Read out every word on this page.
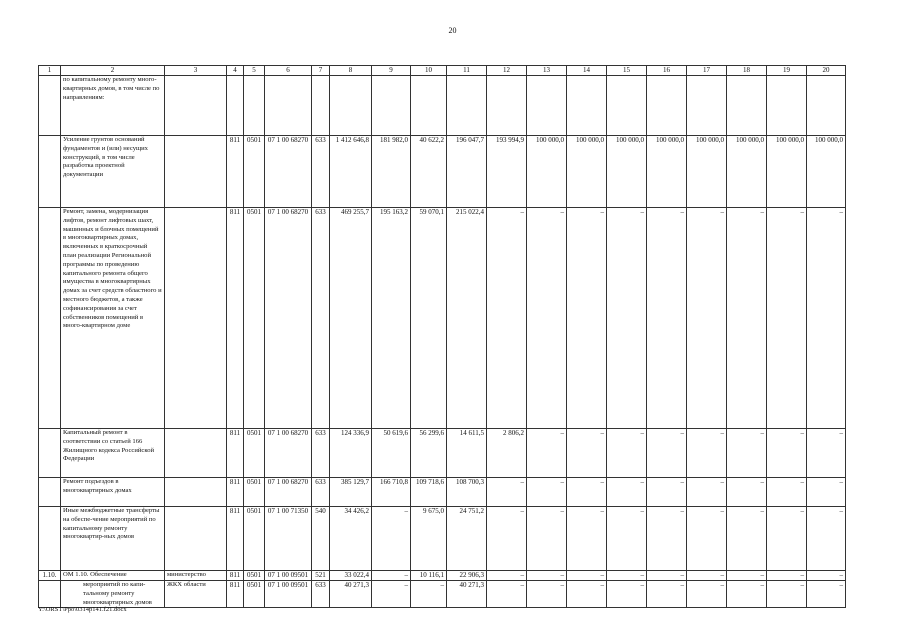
20
1	2	3	4	5	6	7	8	9	10	11	12	13	14	15	16	17	18	19	20
	по капитальному ремонту много-квартирных домов, в том числе по направлениям:																		
	Усиление грунтов оснований фундаментов и (или) несущих конструкций, в том числе разработка проектной документации		811	0501	07 1 00 68270	633	1 412 646,8	181 982,0	40 622,2	196 047,7	193 994,9	100 000,0	100 000,0	100 000,0	100 000,0	100 000,0	100 000,0	100 000,0	100 000,0
	Ремонт, замена, модернизация лифтов, ремонт лифтовых шахт, машинных и блочных помещений в многоквартирных домах, включенных в краткосрочный план реализации Региональной программы по проведению капитального ремонта общего имущества в многоквартирных домах за счет средств областного и местного бюджетов, а также софинансирования за счет собственников помещений в много-квартирном доме		811	0501	07 1 00 68270	633	469 255,7	195 163,2	59 070,1	215 022,4	–	–	–	–	–	–	–	–	–
	Капитальный ремонт в соответствии со статьей 166 Жилищного кодекса Российской Федерации		811	0501	07 1 00 68270	633	124 336,9	50 619,6	56 299,6	14 611,5	2 806,2	–	–	–	–	–	–	–	–
	Ремонт подъездов в многоквартирных домах		811	0501	07 1 00 68270	633	385 129,7	166 710,8	109 718,6	108 700,3	–	–	–	–	–	–	–	–	–
	Иные межбюджетные трансферты на обеспе-чение мероприятий по капитальному ремонту многоквартир-ных домов		811	0501	07 1 00 71350	540	34 426,2	–	9 675,0	24 751,2	–	–	–	–	–	–	–	–	–
1.10.	ОМ 1.10. Обеспечение	министерство	811	0501	07 1 00 09501	521	33 022,4	–	10 116,1	22 906,3	–	–	–	–	–	–	–	–	–
	мероприятий по капи-тальному ремонту многоквартирных домов	ЖКХ области	811	0501	07 1 00 09501	633	40 271,3	–	–	40 271,3	–	–	–	–	–	–	–	–	–
Y:\ORST\Ppo\0314p141.f21.docx
